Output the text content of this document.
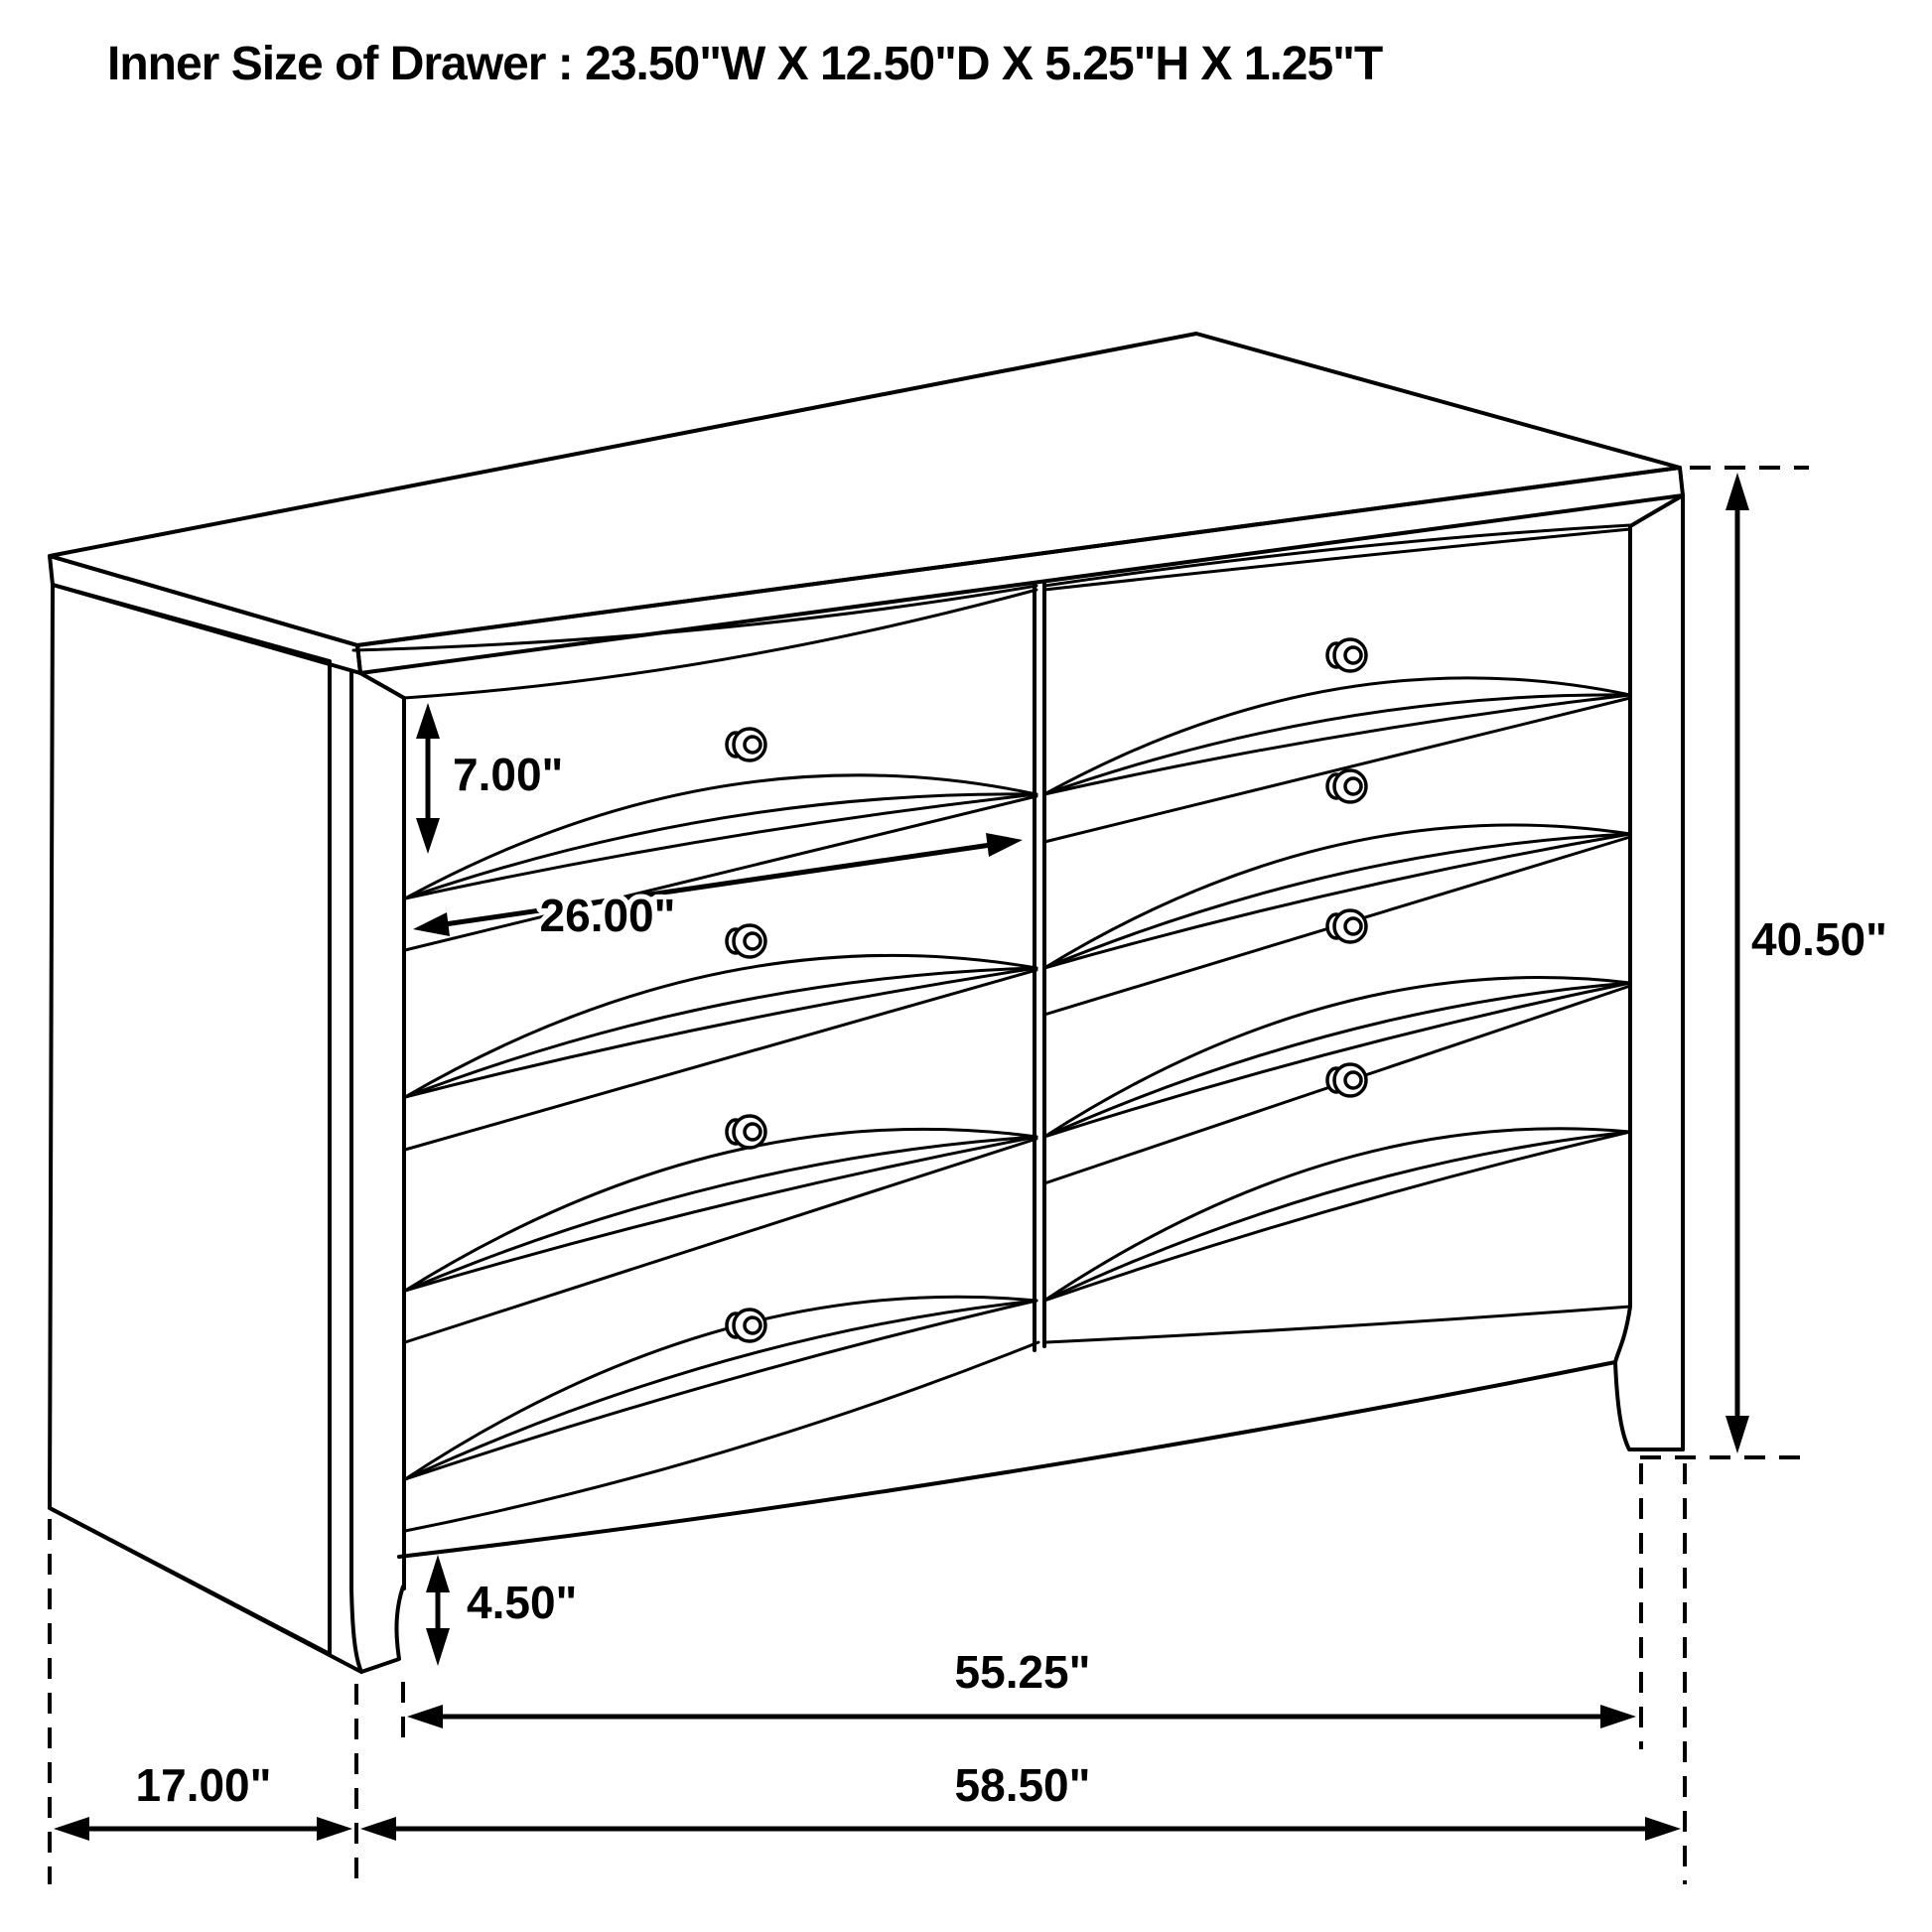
7.00"
26.00"	40.50"
4.50"
55.25"
17.00"	58.50"
Inner Size of Drawer : 23.50"W X 12.50"D X 5.25"H X 1.25"T
